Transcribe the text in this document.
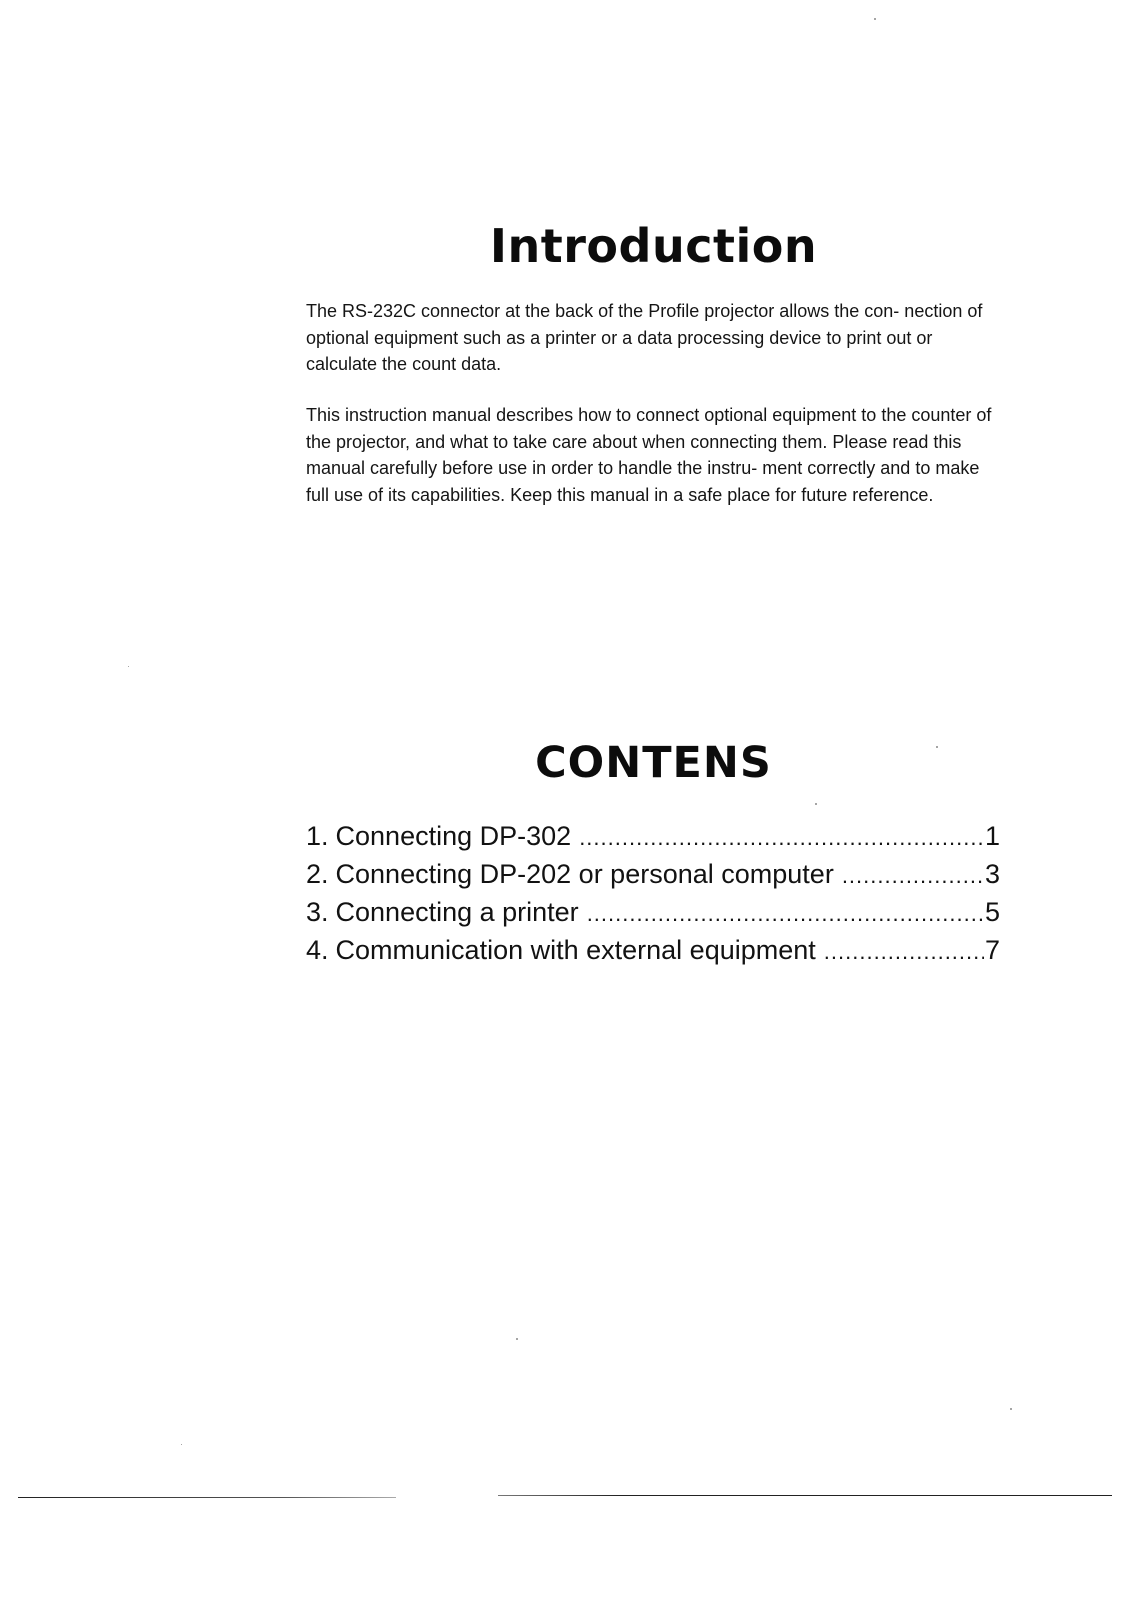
Introduction

The RS-232C connector at the back of the Profile projector allows the con- nection of optional equipment such as a printer or a data processing device to print out or calculate the count data.

This instruction manual describes how to connect optional equipment to the counter of the projector, and what to take care about when connecting them. Please read this manual carefully before use in order to handle the instru- ment correctly and to make full use of its capabilities. Keep this manual in a safe place for future reference.

CONTENS
1. Connecting DP-302 .....	1
2. Connecting DP-202 or personal computer .....	3
3. Connecting a printer .....	5
4. Communication with external equipment .....	7
